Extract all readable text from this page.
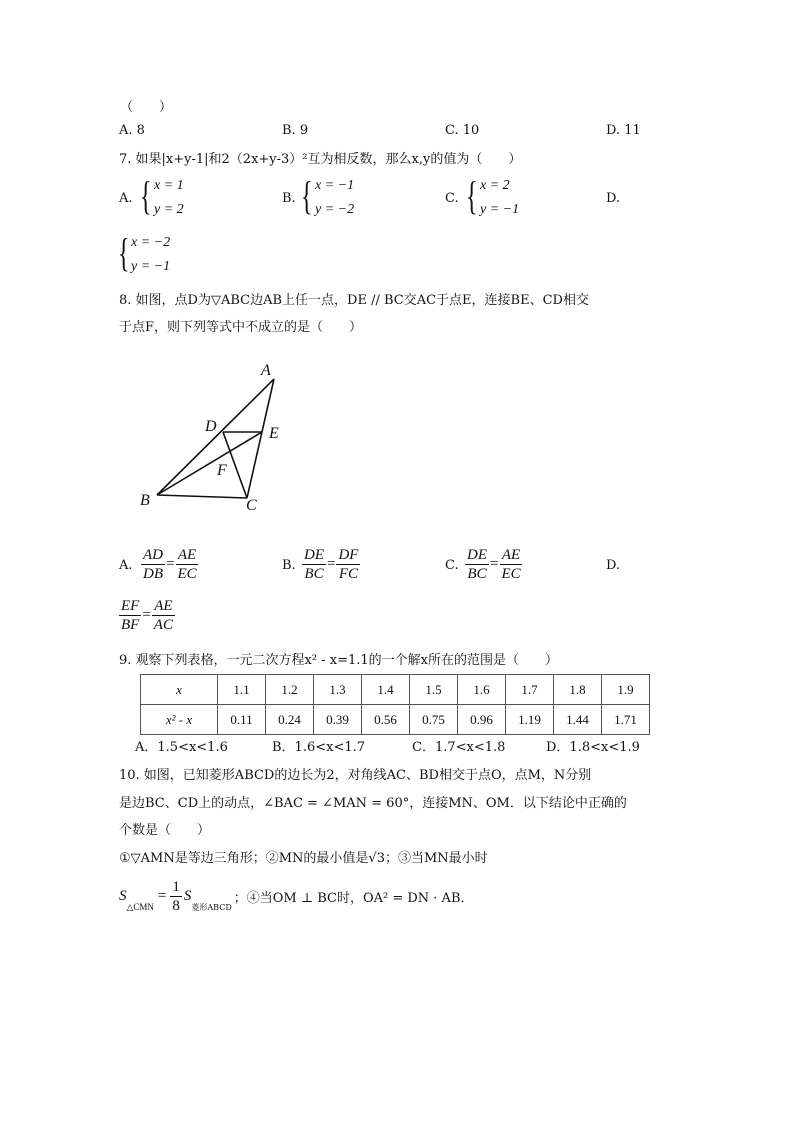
（　　）
A. 8	B. 9	C. 10	D. 11
7. 如果|x+y-1|和2（2x+y-3）²互为相反数，那么x,y的值为（　　）
A. { x = 1
y = 2
B. { x = −1
y = −2
C. { x = 2
y = −1
D.
{ x = −2
y = −1
8. 如图，点D为▽ABC边AB上任一点，DE // BC交AC于点E，连接BE、CD相交
于点F，则下列等式中不成立的是（　　）
A
B	C
D	E
F
A. $\frac{AD}{DB} = \frac{AE}{EC}$	B. $\frac{DE}{BC} = \frac{DF}{FC}$	C. $\frac{DE}{BC} = \frac{AE}{EC}$	D.
$\frac{EF}{BF} = \frac{AE}{AC}$
9. 观察下列表格，一元二次方程x² - x=1.1的一个解x所在的范围是（　　）
x	1.1	1.2	1.3	1.4	1.5	1.6	1.7	1.8	1.9
x² - x	0.11	0.24	0.39	0.56	0.75	0.96	1.19	1.44	1.71
A．1.5<x<1.6	B．1.6<x<1.7	C．1.7<x<1.8	D．1.8<x<1.9
10. 如图，已知菱形ABCD的边长为2，对角线AC、BD相交于点O，点M，N分别
是边BC、CD上的动点，∠BAC = ∠MAN = 60°，连接MN、OM．以下结论中正确的
个数是（　　）
①▽AMN是等边三角形；②MN的最小值是√3；③当MN最小时
S
△CMN
= $\frac{1}{8}$ S
菱形ABCD
；④当OM ⊥ BC时，OA² = DN · AB．
